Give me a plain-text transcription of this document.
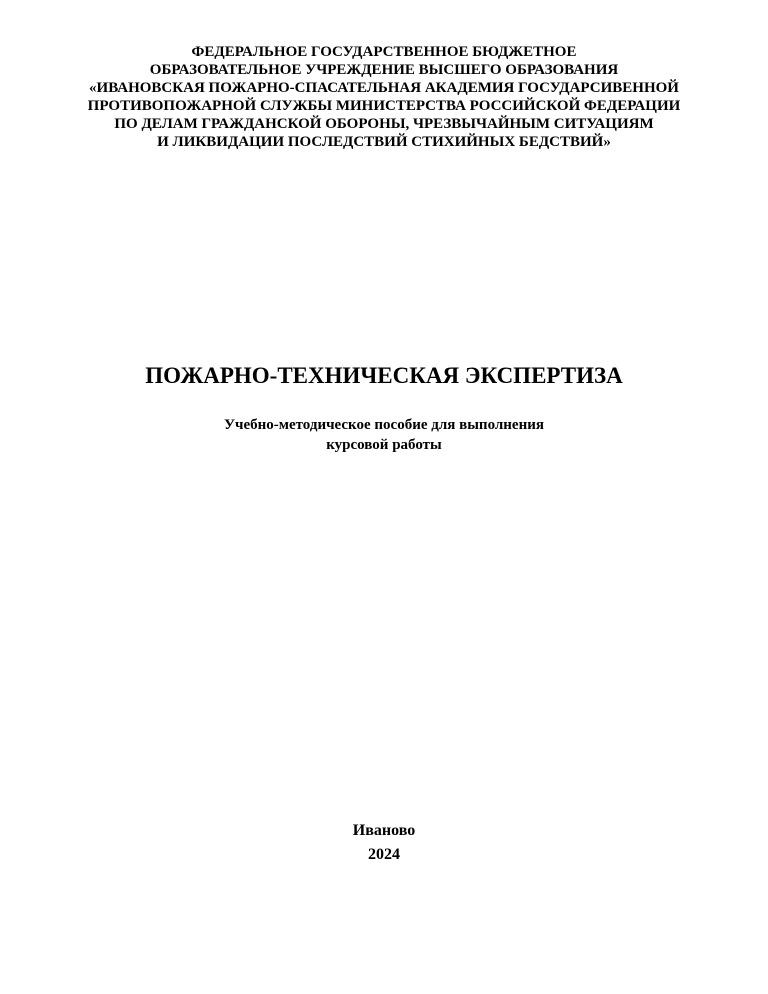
ФЕДЕРАЛЬНОЕ ГОСУДАРСТВЕННОЕ БЮДЖЕТНОЕ
ОБРАЗОВАТЕЛЬНОЕ УЧРЕЖДЕНИЕ ВЫСШЕГО ОБРАЗОВАНИЯ
«ИВАНОВСКАЯ ПОЖАРНО-СПАСАТЕЛЬНАЯ АКАДЕМИЯ ГОСУДАРСИВЕННОЙ
ПРОТИВОПОЖАРНОЙ СЛУЖБЫ МИНИСТЕРСТВА РОССИЙСКОЙ ФЕДЕРАЦИИ
ПО ДЕЛАМ ГРАЖДАНСКОЙ ОБОРОНЫ, ЧРЕЗВЫЧАЙНЫМ СИТУАЦИЯМ
И ЛИКВИДАЦИИ ПОСЛЕДСТВИЙ СТИХИЙНЫХ БЕДСТВИЙ»
ПОЖАРНО-ТЕХНИЧЕСКАЯ ЭКСПЕРТИЗА
Учебно-методическое пособие для выполнения
курсовой работы
Иваново
2024
